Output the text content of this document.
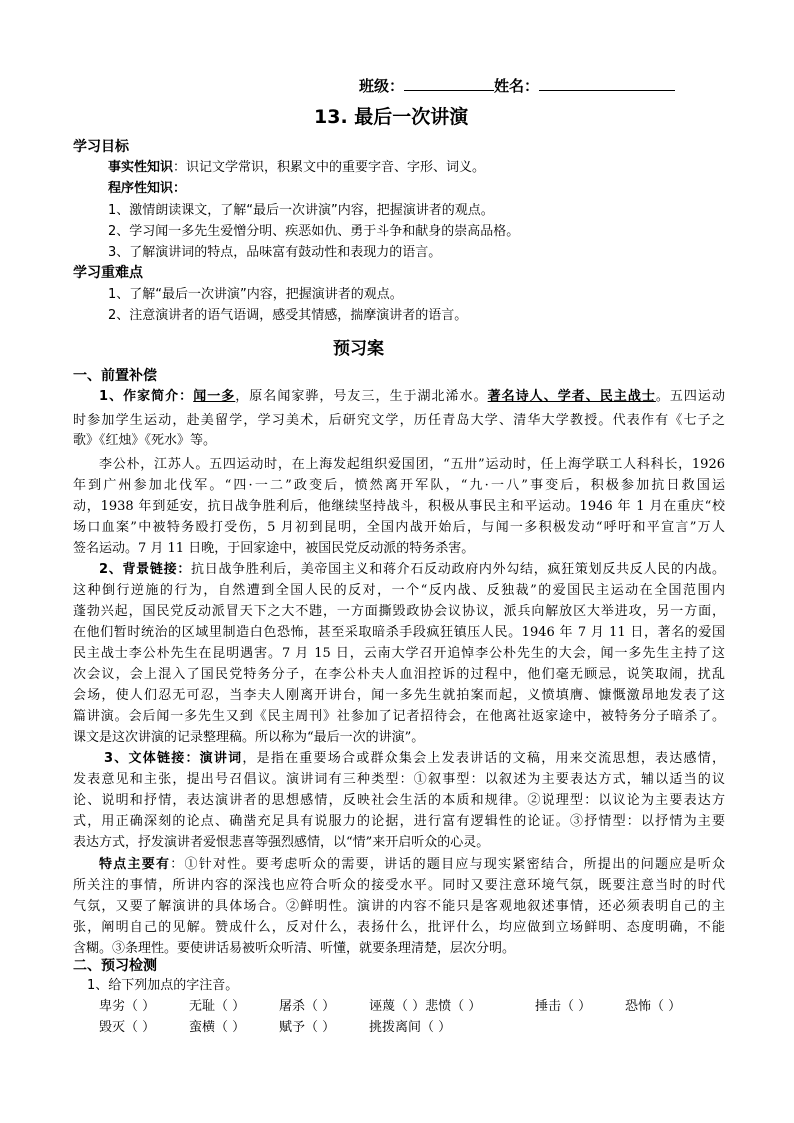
班级：	姓名：
13. 最后一次讲演
学习目标
事实性知识：识记文学常识，积累文中的重要字音、字形、词义。
程序性知识：
1、激情朗读课文，了解“最后一次讲演”内容，把握演讲者的观点。
2、学习闻一多先生爱憎分明、疾恶如仇、勇于斗争和献身的崇高品格。
3、了解演讲词的特点，品味富有鼓动性和表现力的语言。
学习重难点
1、了解“最后一次讲演”内容，把握演讲者的观点。
2、注意演讲者的语气语调，感受其情感，揣摩演讲者的语言。
预习案
一、前置补偿
1、作家简介：闻一多，原名闻家骅，号友三，生于湖北浠水。著名诗人、学者、民主战士。五四运动
时参加学生运动，赴美留学，学习美术，后研究文学，历任青岛大学、清华大学教授。代表作有《七子之
歌》《红烛》《死水》等。
李公朴，江苏人。五四运动时，在上海发起组织爱国团，“五卅”运动时，任上海学联工人科科长，1926
年到广州参加北伐军。“四·一二”政变后，愤然离开军队，“九·一八”事变后，积极参加抗日救国运
动，1938 年到延安，抗日战争胜利后，他继续坚持战斗，积极从事民主和平运动。1946 年 1 月在重庆“校
场口血案”中被特务殴打受伤，5 月初到昆明，全国内战开始后，与闻一多积极发动“呼吁和平宣言”万人
签名运动。7 月 11 日晚，于回家途中，被国民党反动派的特务杀害。
2、背景链接：抗日战争胜利后，美帝国主义和蒋介石反动政府内外勾结，疯狂策划反共反人民的内战。
这种倒行逆施的行为，自然遭到全国人民的反对，一个“反内战、反独裁”的爱国民主运动在全国范围内
蓬勃兴起，国民党反动派冒天下之大不韪，一方面撕毁政协会议协议，派兵向解放区大举进攻，另一方面，
在他们暂时统治的区域里制造白色恐怖，甚至采取暗杀手段疯狂镇压人民。1946 年 7 月 11 日，著名的爱国
民主战士李公朴先生在昆明遇害。7 月 15 日，云南大学召开追悼李公朴先生的大会，闻一多先生主持了这
次会议，会上混入了国民党特务分子，在李公朴夫人血泪控诉的过程中，他们毫无顾忌，说笑取闹，扰乱
会场，使人们忍无可忍，当李夫人刚离开讲台，闻一多先生就拍案而起，义愤填膺、慷慨激昂地发表了这
篇讲演。会后闻一多先生又到《民主周刊》社参加了记者招待会，在他离社返家途中，被特务分子暗杀了。
课文是这次讲演的记录整理稿。所以称为“最后一次的讲演”。
3、文体链接：演讲词，是指在重要场合或群众集会上发表讲话的文稿，用来交流思想，表达感情，
发表意见和主张，提出号召倡议。演讲词有三种类型：①叙事型：以叙述为主要表达方式，辅以适当的议
论、说明和抒情，表达演讲者的思想感情，反映社会生活的本质和规律。②说理型：以议论为主要表达方
式，用正确深刻的论点、确凿充足具有说服力的论据，进行富有逻辑性的论证。③抒情型：以抒情为主要
表达方式，抒发演讲者爱恨悲喜等强烈感情，以“情”来开启听众的心灵。
特点主要有：①针对性。要考虑听众的需要，讲话的题目应与现实紧密结合，所提出的问题应是听众
所关注的事情，所讲内容的深浅也应符合听众的接受水平。同时又要注意环境气氛，既要注意当时的时代
气氛，又要了解演讲的具体场合。②鲜明性。演讲的内容不能只是客观地叙述事情，还必须表明自己的主
张，阐明自己的见解。赞成什么，反对什么，表扬什么，批评什么，均应做到立场鲜明、态度明确，不能
含糊。③条理性。要使讲话易被听众听清、听懂，就要条理清楚，层次分明。
二、预习检测
1、给下列加点的字注音。
卑劣（ ）	无耻（ ）	屠杀（ ）	诬蔑（ ）悲愤（ ）	捶击（ ）	恐怖（ ）
毁灭（ ）	蛮横（ ）	赋予（ ）	挑拨离间（ ）
